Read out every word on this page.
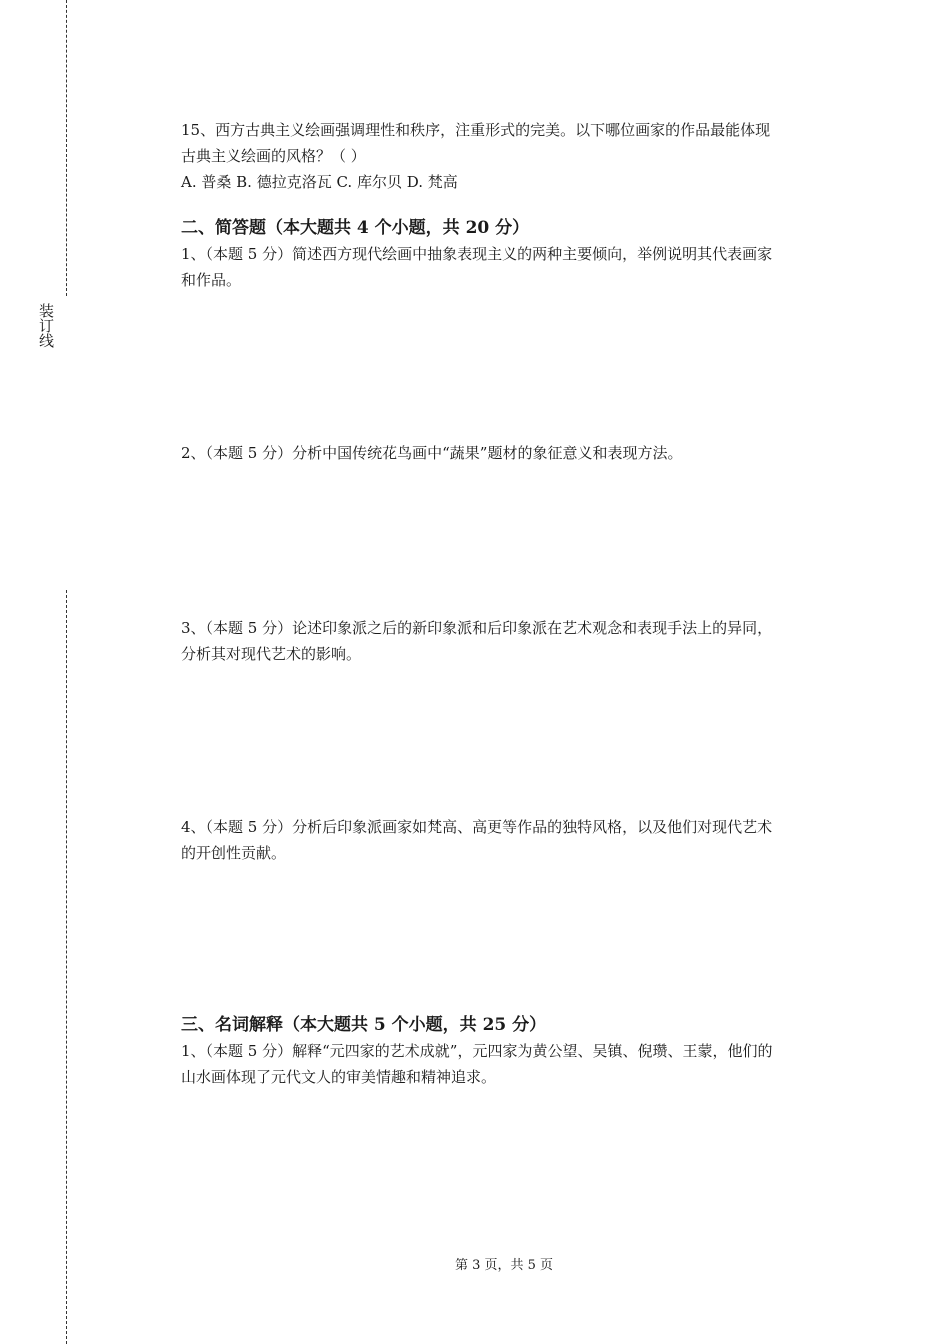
装订线
15、西方古典主义绘画强调理性和秩序，注重形式的完美。以下哪位画家的作品最能体现
古典主义绘画的风格？（ ）
A. 普桑 B. 德拉克洛瓦 C. 库尔贝 D. 梵高
二、简答题（本大题共 4 个小题，共 20 分）
1、（本题 5 分）简述西方现代绘画中抽象表现主义的两种主要倾向，举例说明其代表画家
和作品。
2、（本题 5 分）分析中国传统花鸟画中“蔬果”题材的象征意义和表现方法。
3、（本题 5 分）论述印象派之后的新印象派和后印象派在艺术观念和表现手法上的异同，
分析其对现代艺术的影响。
4、（本题 5 分）分析后印象派画家如梵高、高更等作品的独特风格，以及他们对现代艺术
的开创性贡献。
三、名词解释（本大题共 5 个小题，共 25 分）
1、（本题 5 分）解释“元四家的艺术成就”，元四家为黄公望、吴镇、倪瓒、王蒙，他们的
山水画体现了元代文人的审美情趣和精神追求。
第 3 页，共 5 页
